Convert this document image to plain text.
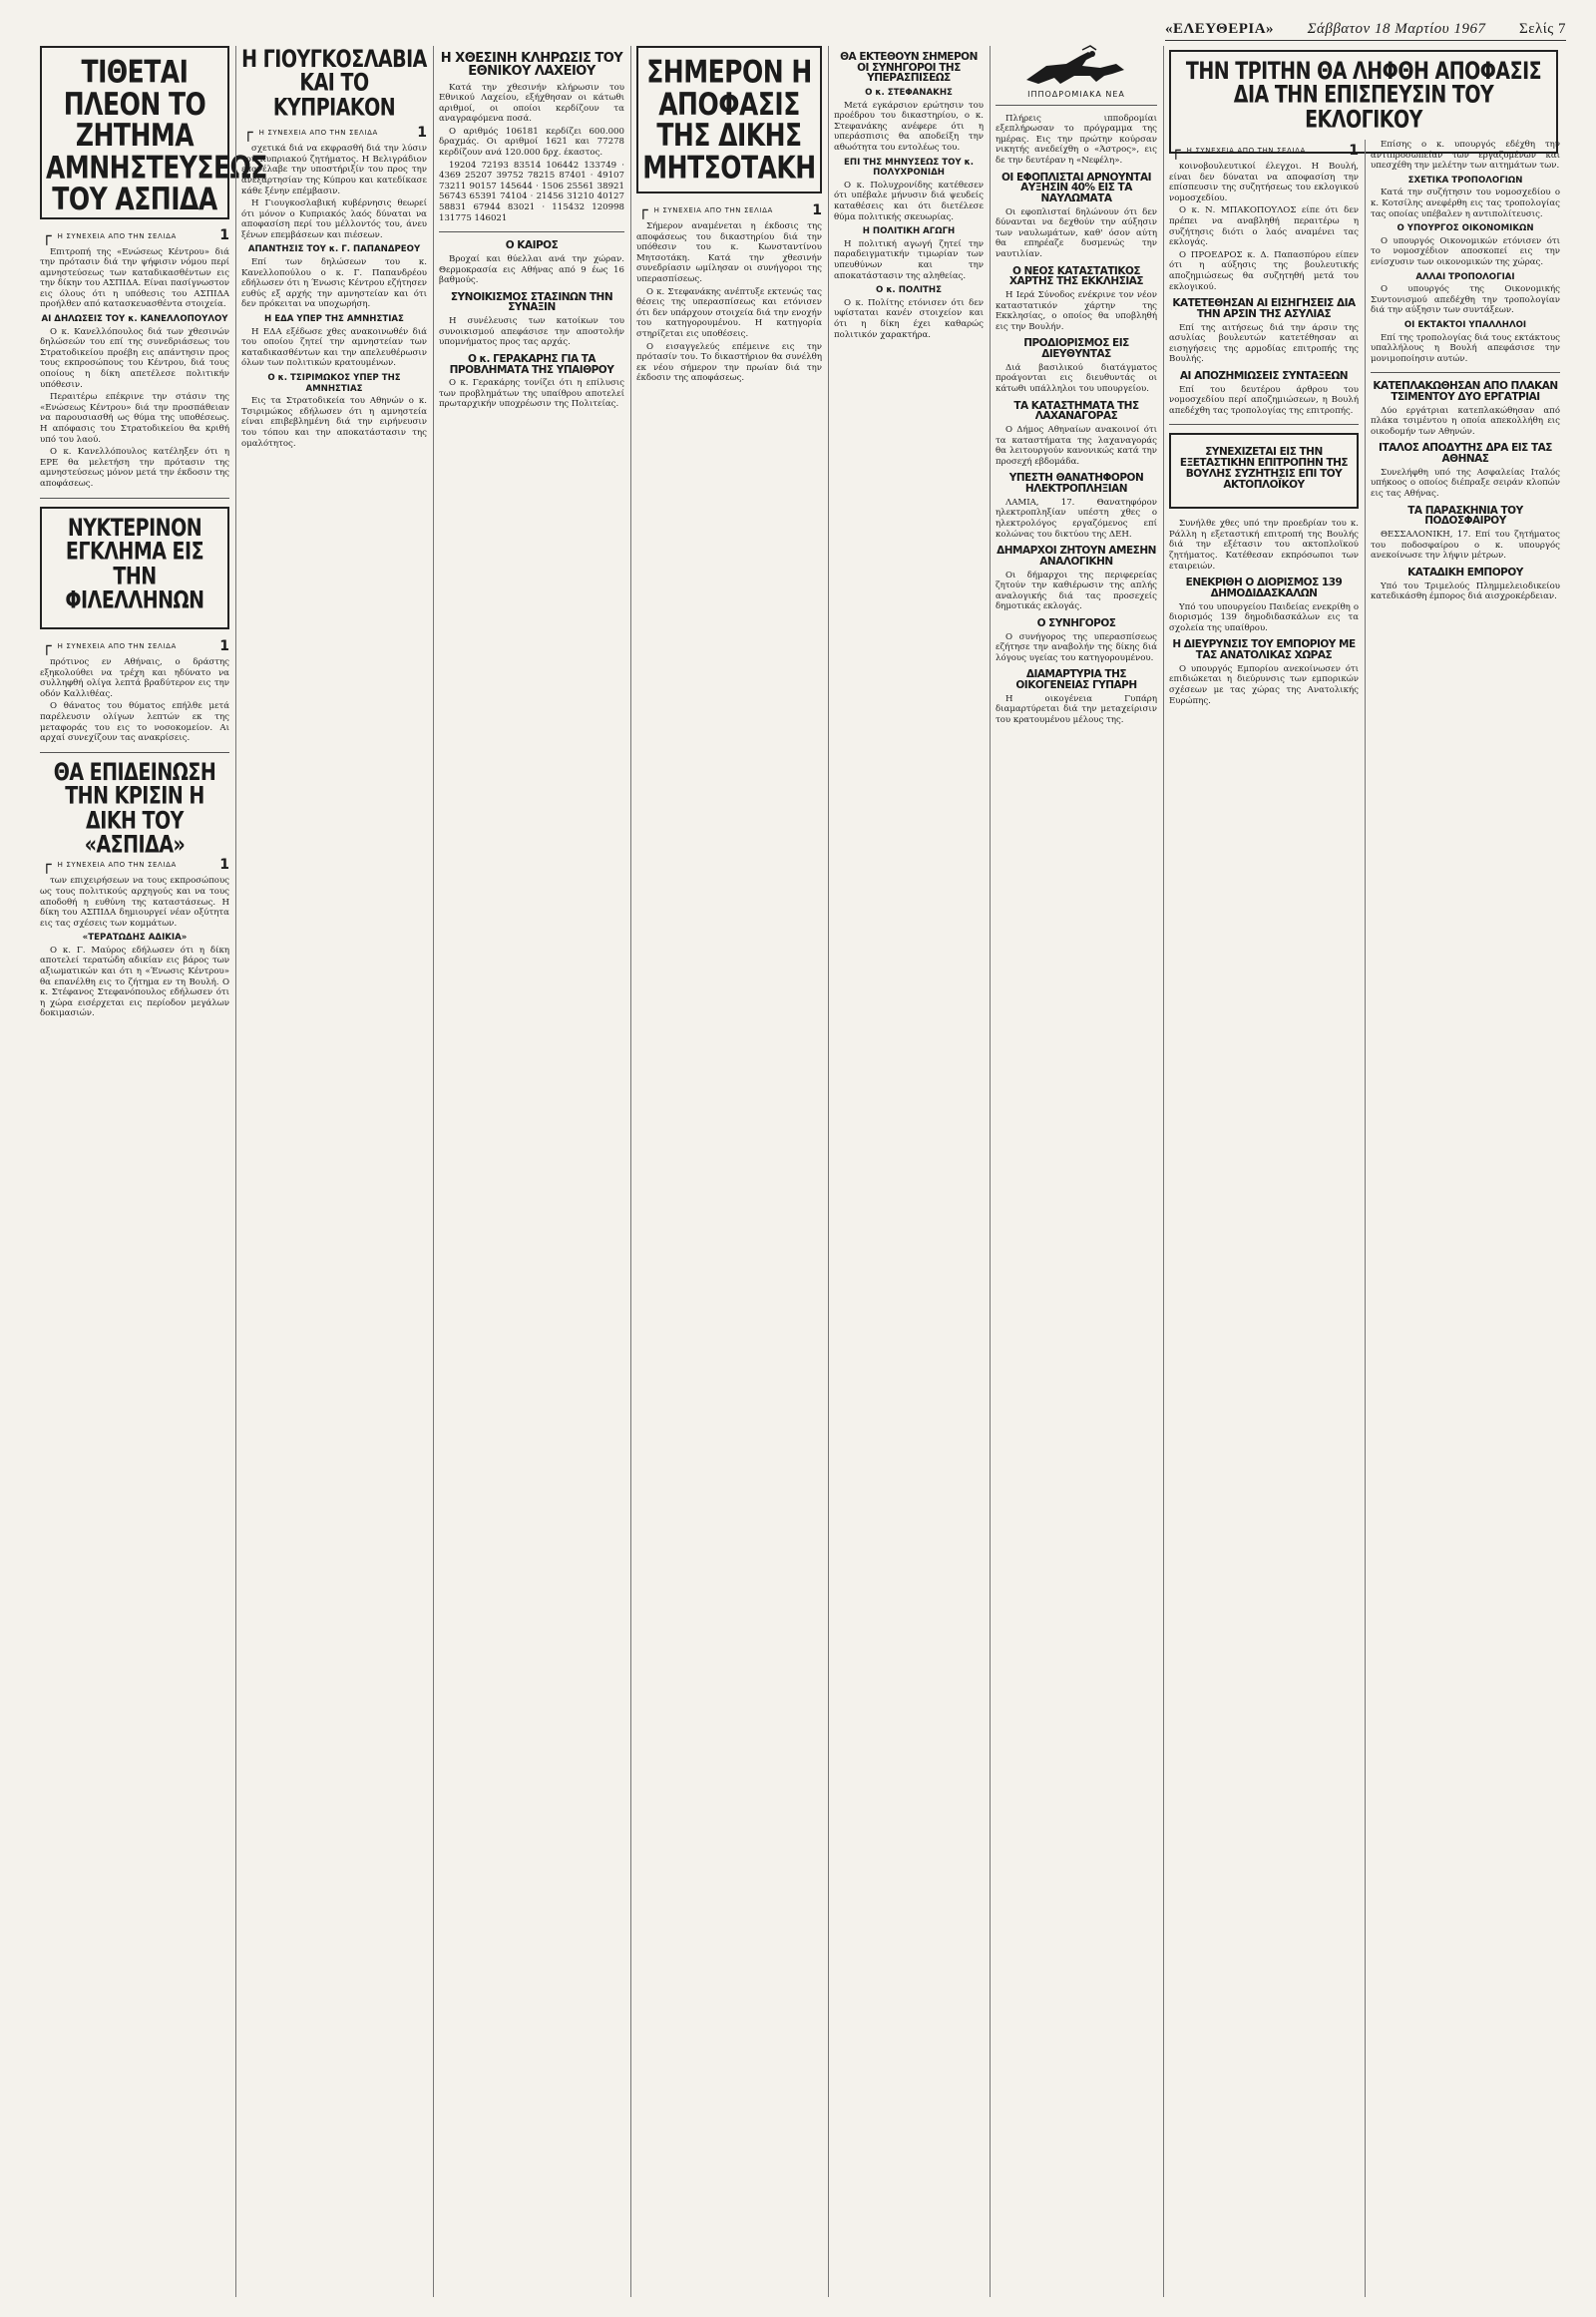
«ΕΛΕΥΘΕΡΙΑ» Σάββατον 18 Μαρτίου 1967 Σελίς 7
ΤΙΘΕΤΑΙ ΠΛΕΟΝ ΤΟ ΖΗΤΗΜΑ ΑΜΝΗΣΤΕΥΣΕΩΣ ΤΟΥ ΑΣΠΙΔΑ
┌ Η ΣΥΝΕΧΕΙΑ ΑΠΟ ΤΗΝ ΣΕΛΙΔΑ	1

Επιτροπή της «Ενώσεως Κέντρου» διά την πρότασιν διά την ψήφισιν νόμου περί αμνηστεύσεως των καταδικασθέντων εις την δίκην του ΑΣΠΙΔΑ. Είναι πασίγνωστον εις όλους ότι η υπόθεσις του ΑΣΠΙΔΑ προήλθεν από κατασκευασθέντα στοιχεία.

ΑΙ ΔΗΛΩΣΕΙΣ ΤΟΥ κ. ΚΑΝΕΛΛΟΠΟΥΛΟΥ

Ο κ. Κανελλόπουλος διά των χθεσινών δηλώσεών του επί της συνεδριάσεως του Στρατοδικείου προέβη εις απάντησιν προς τους εκπροσώπους του Κέντρου, διά τους οποίους η δίκη απετέλεσε πολιτικήν υπόθεσιν.

Περαιτέρω επέκρινε την στάσιν της «Ενώσεως Κέντρου» διά την προσπάθειαν να παρουσιασθή ως θύμα της υποθέσεως. Η απόφασις του Στρατοδικείου θα κριθή υπό του λαού.

Ο κ. Κανελλόπουλος κατέληξεν ότι η ΕΡΕ θα μελετήση την πρότασιν της αμνηστεύσεως μόνον μετά την έκδοσιν της αποφάσεως.

ΝΥΚΤΕΡΙΝΟΝ ΕΓΚΛΗΜΑ ΕΙΣ ΤΗΝ ΦΙΛΕΛΛΗΝΩΝ
┌ Η ΣΥΝΕΧΕΙΑ ΑΠΟ ΤΗΝ ΣΕΛΙΔΑ	1

πρότινος εν Αθήναις, ο δράστης εξηκολούθει να τρέχη και ηδύνατο να συλληφθή ολίγα λεπτά βραδύτερον εις την οδόν Καλλιθέας.

Ο θάνατος του θύματος επήλθε μετά παρέλευσιν ολίγων λεπτών εκ της μεταφοράς του εις το νοσοκομείον. Αι αρχαί συνεχίζουν τας ανακρίσεις.

ΘΑ ΕΠΙΔΕΙΝΩΣΗ ΤΗΝ ΚΡΙΣΙΝ Η ΔΙΚΗ ΤΟΥ «ΑΣΠΙΔΑ»
┌ Η ΣΥΝΕΧΕΙΑ ΑΠΟ ΤΗΝ ΣΕΛΙΔΑ	1

των επιχειρήσεων να τους εκπροσώπους ως τους πολιτικούς αρχηγούς και να τους αποδοθή η ευθύνη της καταστάσεως. Η δίκη του ΑΣΠΙΔΑ δημιουργεί νέαν οξύτητα εις τας σχέσεις των κομμάτων.

«ΤΕΡΑΤΩΔΗΣ ΑΔΙΚΙΑ»

Ο κ. Γ. Μαύρος εδήλωσεν ότι η δίκη αποτελεί τερατώδη αδικίαν εις βάρος των αξιωματικών και ότι η «Ένωσις Κέντρου» θα επανέλθη εις το ζήτημα εν τη Βουλή. Ο κ. Στέφανος Στεφανόπουλος εδήλωσεν ότι η χώρα εισέρχεται εις περίοδον μεγάλων δοκιμασιών.

Η ΓΙΟΥΓΚΟΣΛΑΒΙΑ ΚΑΙ ΤΟ ΚΥΠΡΙΑΚΟΝ
┌ Η ΣΥΝΕΧΕΙΑ ΑΠΟ ΤΗΝ ΣΕΛΙΔΑ	1

σχετικά διά να εκφρασθή διά την λύσιν του Κυπριακού ζητήματος. Η Βελιγράδιον επανέλαβε την υποστήριξίν του προς την ανεξαρτησίαν της Κύπρου και κατεδίκασε κάθε ξένην επέμβασιν.

Η Γιουγκοσλαβική κυβέρνησις θεωρεί ότι μόνον ο Κυπριακός λαός δύναται να αποφασίση περί του μέλλοντός του, άνευ ξένων επεμβάσεων και πιέσεων.

ΑΠΑΝΤΗΣΙΣ ΤΟΥ κ. Γ. ΠΑΠΑΝΔΡΕΟΥ

Επί των δηλώσεων του κ. Κανελλοπούλου ο κ. Γ. Παπανδρέου εδήλωσεν ότι η Ένωσις Κέντρου εζήτησεν ευθύς εξ αρχής την αμνηστείαν και ότι δεν πρόκειται να υποχωρήση.

Η ΕΔΑ ΥΠΕΡ ΤΗΣ ΑΜΝΗΣΤΙΑΣ

Η ΕΔΑ εξέδωσε χθες ανακοινωθέν διά του οποίου ζητεί την αμνηστείαν των καταδικασθέντων και την απελευθέρωσιν όλων των πολιτικών κρατουμένων.

Ο κ. ΤΣΙΡΙΜΩΚΟΣ ΥΠΕΡ ΤΗΣ ΑΜΝΗΣΤΙΑΣ

Εις τα Στρατοδικεία του Αθηνών ο κ. Τσιριμώκος εδήλωσεν ότι η αμνηστεία είναι επιβεβλημένη διά την ειρήνευσιν του τόπου και την αποκατάστασιν της ομαλότητος.

Η ΧΘΕΣΙΝΗ ΚΛΗΡΩΣΙΣ ΤΟΥ ΕΘΝΙΚΟΥ ΛΑΧΕΙΟΥ

Κατά την χθεσινήν κλήρωσιν του Εθνικού Λαχείου, εξήχθησαν οι κάτωθι αριθμοί, οι οποίοι κερδίζουν τα αναγραφόμενα ποσά.

Ο αριθμός 106181 κερδίζει 600.000 δραχμάς. Οι αριθμοί 1621 και 77278 κερδίζουν ανά 120.000 δρχ. έκαστος.

19204 72193 83514 106442 133749 · 4369 25207 39752 78215 87401 · 49107 73211 90157 145644 · 1506 25561 38921 56743 65391 74104 · 21456 31210 40127 58831 67944 83021 · 115432 120998 131775 146021

Ο ΚΑΙΡΟΣ

Βροχαί και θύελλαι ανά την χώραν. Θερμοκρασία εις Αθήνας από 9 έως 16 βαθμούς.

ΣΥΝΟΙΚΙΣΜΟΣ ΣΤΑΣΙΝΩΝ ΤΗΝ ΣΥΝΑΞΙΝ

Η συνέλευσις των κατοίκων του συνοικισμού απεφάσισε την αποστολήν υπομνήματος προς τας αρχάς.

Ο κ. ΓΕΡΑΚΑΡΗΣ ΓΙΑ ΤΑ ΠΡΟΒΛΗΜΑΤΑ ΤΗΣ ΥΠΑΙΘΡΟΥ

Ο κ. Γερακάρης τονίζει ότι η επίλυσις των προβλημάτων της υπαίθρου αποτελεί πρωταρχικήν υποχρέωσιν της Πολιτείας.

ΣΗΜΕΡΟΝ Η ΑΠΟΦΑΣΙΣ ΤΗΣ ΔΙΚΗΣ ΜΗΤΣΟΤΑΚΗ
┌ Η ΣΥΝΕΧΕΙΑ ΑΠΟ ΤΗΝ ΣΕΛΙΔΑ	1

Σήμερον αναμένεται η έκδοσις της αποφάσεως του δικαστηρίου διά την υπόθεσιν του κ. Κωνσταντίνου Μητσοτάκη. Κατά την χθεσινήν συνεδρίασιν ωμίλησαν οι συνήγοροι της υπερασπίσεως.

Ο κ. Στεφανάκης ανέπτυξε εκτενώς τας θέσεις της υπερασπίσεως και ετόνισεν ότι δεν υπάρχουν στοιχεία διά την ενοχήν του κατηγορουμένου. Η κατηγορία στηρίζεται εις υποθέσεις.

Ο εισαγγελεύς επέμεινε εις την πρότασίν του. Το δικαστήριον θα συνέλθη εκ νέου σήμερον την πρωίαν διά την έκδοσιν της αποφάσεως.

ΘΑ ΕΚΤΕΘΟΥΝ ΣΗΜΕΡΟΝ ΟΙ ΣΥΝΗΓΟΡΟΙ ΤΗΣ ΥΠΕΡΑΣΠΙΣΕΩΣ
Ο κ. ΣΤΕΦΑΝΑΚΗΣ

Μετά εγκάρσιον ερώτησιν του προέδρου του δικαστηρίου, ο κ. Στεφανάκης ανέφερε ότι η υπεράσπισις θα αποδείξη την αθωότητα του εντολέως του.

ΕΠΙ ΤΗΣ ΜΗΝΥΣΕΩΣ ΤΟΥ κ. ΠΟΛΥΧΡΟΝΙΔΗ

Ο κ. Πολυχρονίδης κατέθεσεν ότι υπέβαλε μήνυσιν διά ψευδείς καταθέσεις και ότι διετέλεσε θύμα πολιτικής σκευωρίας.

Η ΠΟΛΙΤΙΚΗ ΑΓΩΓΗ

Η πολιτική αγωγή ζητεί την παραδειγματικήν τιμωρίαν των υπευθύνων και την αποκατάστασιν της αληθείας.

Ο κ. ΠΟΛΙΤΗΣ

Ο κ. Πολίτης ετόνισεν ότι δεν υφίσταται κανέν στοιχείον και ότι η δίκη έχει καθαρώς πολιτικόν χαρακτήρα.

ΙΠΠΟΔΡΟΜΙΑΚΑ ΝΕΑ

Πλήρεις ιπποδρομίαι εξεπλήρωσαν το πρόγραμμα της ημέρας. Εις την πρώτην κούρσαν νικητής ανεδείχθη ο «Άστρος», εις δε την δευτέραν η «Νεφέλη».

ΟΙ ΕΦΟΠΛΙΣΤΑΙ ΑΡΝΟΥΝΤΑΙ ΑΥΞΗΣΙΝ 40% ΕΙΣ ΤΑ ΝΑΥΛΩΜΑΤΑ

Οι εφοπλισταί δηλώνουν ότι δεν δύνανται να δεχθούν την αύξησιν των ναυλωμάτων, καθ' όσον αύτη θα επηρέαζε δυσμενώς την ναυτιλίαν.

Ο ΝΕΟΣ ΚΑΤΑΣΤΑΤΙΚΟΣ ΧΑΡΤΗΣ ΤΗΣ ΕΚΚΛΗΣΙΑΣ

Η Ιερά Σύνοδος ενέκρινε τον νέον καταστατικόν χάρτην της Εκκλησίας, ο οποίος θα υποβληθή εις την Βουλήν.

ΠΡΟΔΙΟΡΙΣΜΟΣ ΕΙΣ ΔΙΕΥΘΥΝΤΑΣ

Διά βασιλικού διατάγματος προάγονται εις διευθυντάς οι κάτωθι υπάλληλοι του υπουργείου.

ΤΑ ΚΑΤΑΣΤΗΜΑΤΑ ΤΗΣ ΛΑΧΑΝΑΓΟΡΑΣ

Ο Δήμος Αθηναίων ανακοινοί ότι τα καταστήματα της λαχαναγοράς θα λειτουργούν κανονικώς κατά την προσεχή εβδομάδα.

ΥΠΕΣΤΗ ΘΑΝΑΤΗΦΟΡΟΝ ΗΛΕΚΤΡΟΠΛΗΞΙΑΝ

ΛΑΜΙΑ, 17. Θανατηφόρον ηλεκτροπληξίαν υπέστη χθες ο ηλεκτρολόγος εργαζόμενος επί κολώνας του δικτύου της ΔΕΗ.

ΔΗΜΑΡΧΟΙ ΖΗΤΟΥΝ ΑΜΕΣΗΝ ΑΝΑΛΟΓΙΚΗΝ

Οι δήμαρχοι της περιφερείας ζητούν την καθιέρωσιν της απλής αναλογικής διά τας προσεχείς δημοτικάς εκλογάς.

Ο ΣΥΝΗΓΟΡΟΣ

Ο συνήγορος της υπερασπίσεως εζήτησε την αναβολήν της δίκης διά λόγους υγείας του κατηγορουμένου.

ΔΙΑΜΑΡΤΥΡΙΑ ΤΗΣ ΟΙΚΟΓΕΝΕΙΑΣ ΓΥΠΑΡΗ

Η οικογένεια Γυπάρη διαμαρτύρεται διά την μεταχείρισιν του κρατουμένου μέλους της.

ΤΗΝ ΤΡΙΤΗΝ ΘΑ ΛΗΦΘΗ ΑΠΟΦΑΣΙΣ ΔΙΑ ΤΗΝ ΕΠΙΣΠΕΥΣΙΝ ΤΟΥ ΕΚΛΟΓΙΚΟΥ
┌ Η ΣΥΝΕΧΕΙΑ ΑΠΟ ΤΗΝ ΣΕΛΙΔΑ	1

κοινοβουλευτικοί έλεγχοι. Η Βουλή, είναι δεν δύναται να αποφασίση την επίσπευσιν της συζητήσεως του εκλογικού νομοσχεδίου.

Ο κ. Ν. ΜΠΑΚΟΠΟΥΛΟΣ είπε ότι δεν πρέπει να αναβληθή περαιτέρω η συζήτησις διότι ο λαός αναμένει τας εκλογάς.

Ο ΠΡΟΕΔΡΟΣ κ. Δ. Παπασπύρου είπεν ότι η αύξησις της βουλευτικής αποζημιώσεως θα συζητηθή μετά του εκλογικού.

ΚΑΤΕΤΕΘΗΣΑΝ ΑΙ ΕΙΣΗΓΗΣΕΙΣ ΔΙΑ ΤΗΝ ΑΡΣΙΝ ΤΗΣ ΑΣΥΛΙΑΣ

Επί της αιτήσεως διά την άρσιν της ασυλίας βουλευτών κατετέθησαν αι εισηγήσεις της αρμοδίας επιτροπής της Βουλής.

ΑΙ ΑΠΟΖΗΜΙΩΣΕΙΣ ΣΥΝΤΑΞΕΩΝ

Επί του δευτέρου άρθρου του νομοσχεδίου περί αποζημιώσεων, η Βουλή απεδέχθη τας τροπολογίας της επιτροπής.

ΣΥΝΕΧΙΖΕΤΑΙ ΕΙΣ ΤΗΝ ΕΞΕΤΑΣΤΙΚΗΝ ΕΠΙΤΡΟΠΗΝ ΤΗΣ ΒΟΥΛΗΣ ΣΥΖΗΤΗΣΙΣ ΕΠΙ ΤΟΥ ΑΚΤΟΠΛΟΪΚΟΥ

Συνήλθε χθες υπό την προεδρίαν του κ. Ράλλη η εξεταστική επιτροπή της Βουλής διά την εξέτασιν του ακτοπλοϊκού ζητήματος. Κατέθεσαν εκπρόσωποι των εταιρειών.

ΕΝΕΚΡΙΘΗ Ο ΔΙΟΡΙΣΜΟΣ 139 ΔΗΜΟΔΙΔΑΣΚΑΛΩΝ

Υπό του υπουργείου Παιδείας ενεκρίθη ο διορισμός 139 δημοδιδασκάλων εις τα σχολεία της υπαίθρου.

Η ΔΙΕΥΡΥΝΣΙΣ ΤΟΥ ΕΜΠΟΡΙΟΥ ΜΕ ΤΑΣ ΑΝΑΤΟΛΙΚΑΣ ΧΩΡΑΣ

Ο υπουργός Εμπορίου ανεκοίνωσεν ότι επιδιώκεται η διεύρυνσις των εμπορικών σχέσεων με τας χώρας της Ανατολικής Ευρώπης.

Επίσης ο κ. υπουργός εδέχθη την αντιπροσωπείαν των εργαζομένων και υπεσχέθη την μελέτην των αιτημάτων των.

ΣΧΕΤΙΚΑ ΤΡΟΠΟΛΟΓΙΩΝ

Κατά την συζήτησιν του νομοσχεδίου ο κ. Κοτσίλης ανεφέρθη εις τας τροπολογίας τας οποίας υπέβαλεν η αντιπολίτευσις.

Ο ΥΠΟΥΡΓΟΣ ΟΙΚΟΝΟΜΙΚΩΝ

Ο υπουργός Οικονομικών ετόνισεν ότι το νομοσχέδιον αποσκοπεί εις την ενίσχυσιν των οικονομικών της χώρας.

ΑΛΛΑΙ ΤΡΟΠΟΛΟΓΙΑΙ

Ο υπουργός της Οικονομικής Συντονισμού απεδέχθη την τροπολογίαν διά την αύξησιν των συντάξεων.

ΟΙ ΕΚΤΑΚΤΟΙ ΥΠΑΛΛΗΛΟΙ

Επί της τροπολογίας διά τους εκτάκτους υπαλλήλους η Βουλή απεφάσισε την μονιμοποίησιν αυτών.

ΚΑΤΕΠΛΑΚΩΘΗΣΑΝ ΑΠΟ ΠΛΑΚΑΝ ΤΣΙΜΕΝΤΟΥ ΔΥΟ ΕΡΓΑΤΡΙΑΙ

Δύο εργάτριαι κατεπλακώθησαν από πλάκα τσιμέντου η οποία απεκολλήθη εις οικοδομήν των Αθηνών.

ΙΤΑΛΟΣ ΑΠΟΔΥΤΗΣ ΔΡΑ ΕΙΣ ΤΑΣ ΑΘΗΝΑΣ

Συνελήφθη υπό της Ασφαλείας Ιταλός υπήκοος ο οποίος διέπραξε σειράν κλοπών εις τας Αθήνας.

ΤΑ ΠΑΡΑΣΚΗΝΙΑ ΤΟΥ ΠΟΔΟΣΦΑΙΡΟΥ

ΘΕΣΣΑΛΟΝΙΚΗ, 17. Επί του ζητήματος του ποδοσφαίρου ο κ. υπουργός ανεκοίνωσε την λήψιν μέτρων.

ΚΑΤΑΔΙΚΗ ΕΜΠΟΡΟΥ

Υπό του Τριμελούς Πλημμελειοδικείου κατεδικάσθη έμπορος διά αισχροκέρδειαν.
